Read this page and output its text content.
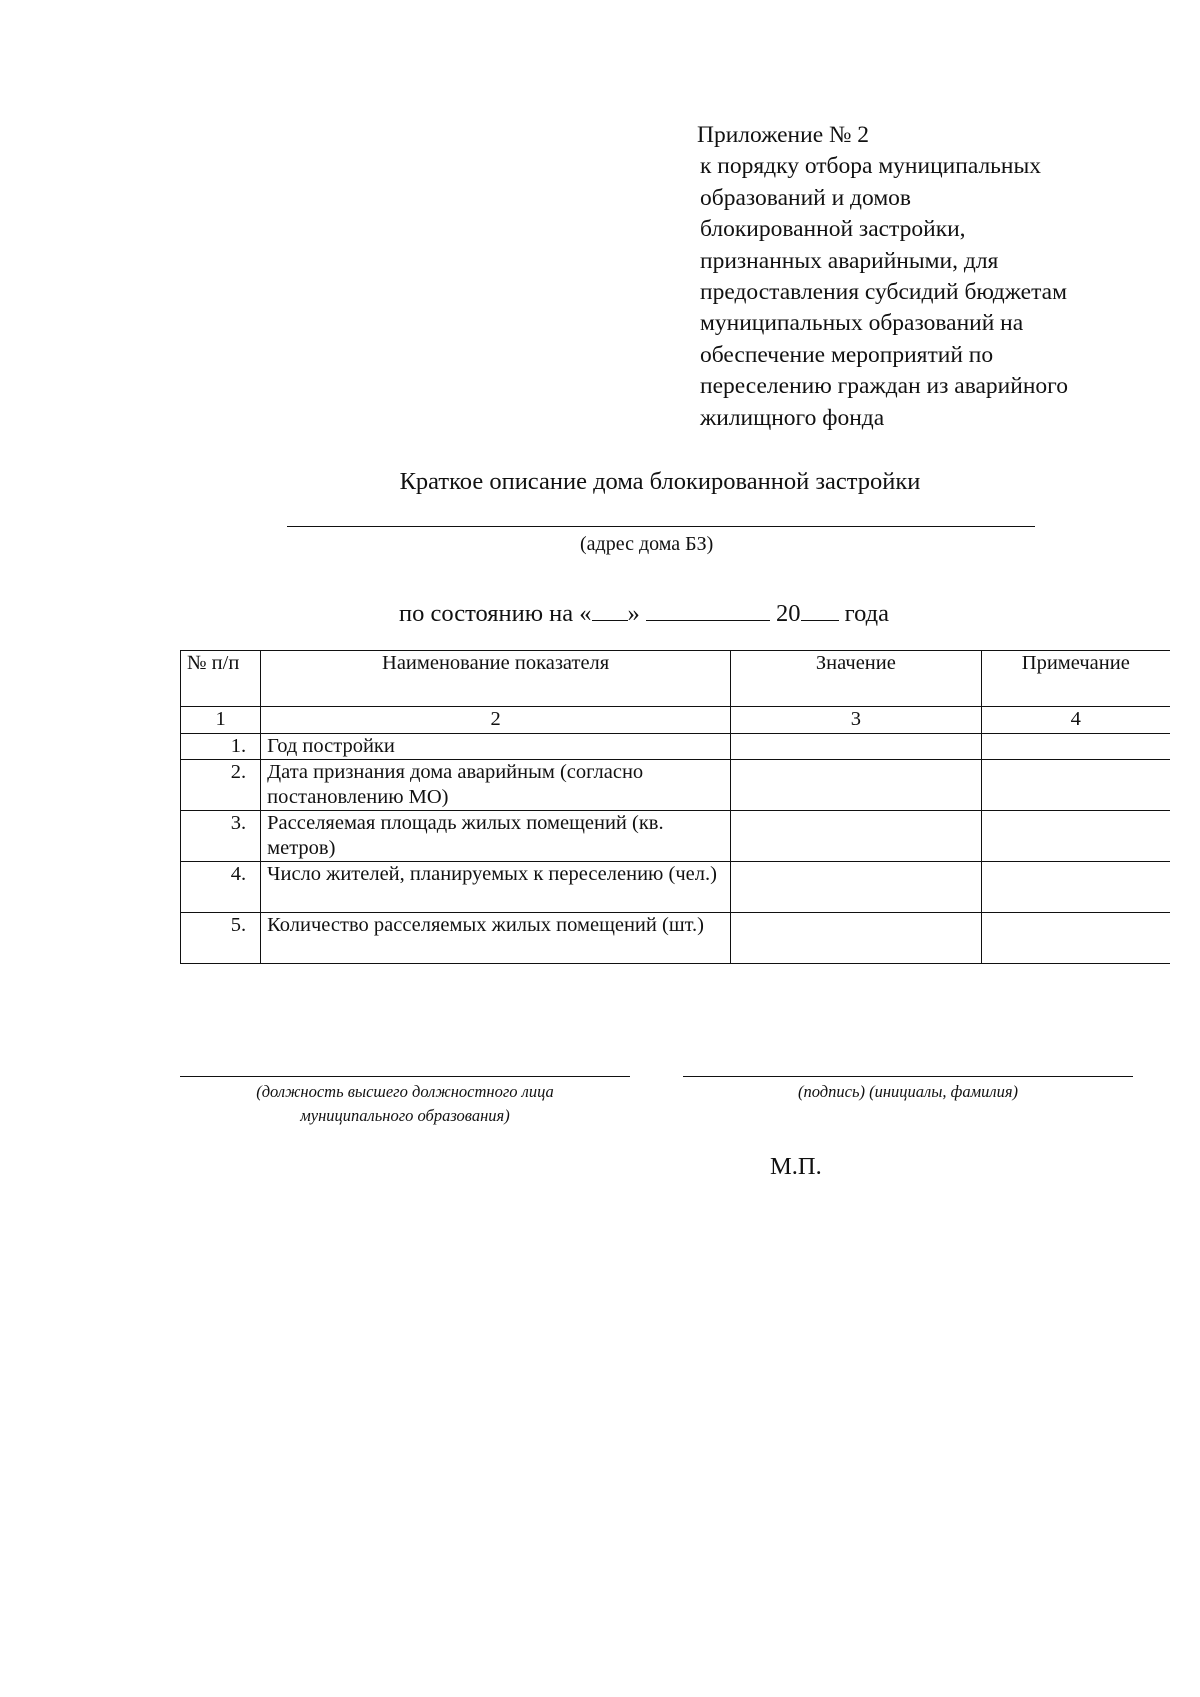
Приложение № 2
к порядку отбора муниципальных
образований и домов
блокированной застройки,
признанных аварийными, для
предоставления субсидий бюджетам
муниципальных образований на
обеспечение мероприятий по
переселению граждан из аварийного
жилищного фонда
Краткое описание дома блокированной застройки
(адрес дома БЗ)
по состоянию на « »	20 года
№ п/п	Наименование показателя	Значение	Примечание
1	2	3	4
1.	Год постройки		
2.	Дата признания дома аварийным (согласно постановлению МО)		
3.	Расселяемая площадь жилых помещений (кв. метров)		
4.	Число жителей, планируемых к переселению (чел.)		
5.	Количество расселяемых жилых помещений (шт.)		
(должность высшего должностного лица
муниципального образования)
(подпись) (инициалы, фамилия)
М.П.
